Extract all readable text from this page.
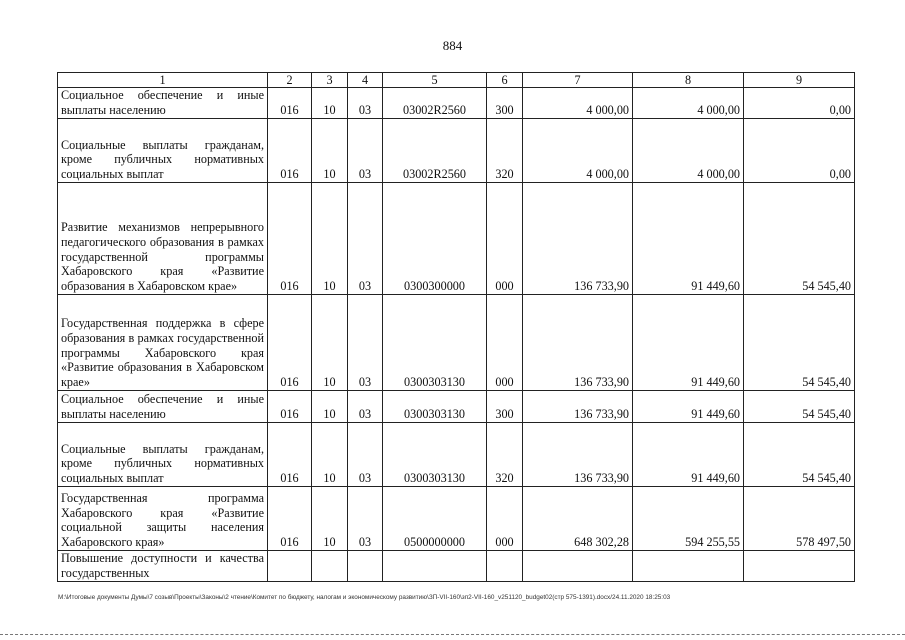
884
1	2	3	4	5	6	7	8	9
Социальное обеспечение и иные выплаты населению	016	10	03	03002R2560	300	4 000,00	4 000,00	0,00
Социальные выплаты гражданам, кроме публичных нормативных социальных выплат	016	10	03	03002R2560	320	4 000,00	4 000,00	0,00
Развитие механизмов непрерывного педагогического образования в рамках государственной программы Хабаровского края «Развитие образования в Хабаровском крае»	016	10	03	0300300000	000	136 733,90	91 449,60	54 545,40
Государственная поддержка в сфере образования в рамках государственной программы Хабаровского края «Развитие образования в Хабаровском крае»	016	10	03	0300303130	000	136 733,90	91 449,60	54 545,40
Социальное обеспечение и иные выплаты населению	016	10	03	0300303130	300	136 733,90	91 449,60	54 545,40
Социальные выплаты гражданам, кроме публичных нормативных социальных выплат	016	10	03	0300303130	320	136 733,90	91 449,60	54 545,40
Государственная программа Хабаровского края «Развитие социальной защиты населения Хабаровского края»	016	10	03	0500000000	000	648 302,28	594 255,55	578 497,50
Повышение доступности и качества государственных								
М:\Итоговые документы Думы\7 созыв\Проекты\Законы\2 чтение\Комитет по бюджету, налогам и экономическому развитию\ЗП-VII-160\зп2-VII-160_v251120_budget02(стр 575-1391).docx/24.11.2020 18:25:03
